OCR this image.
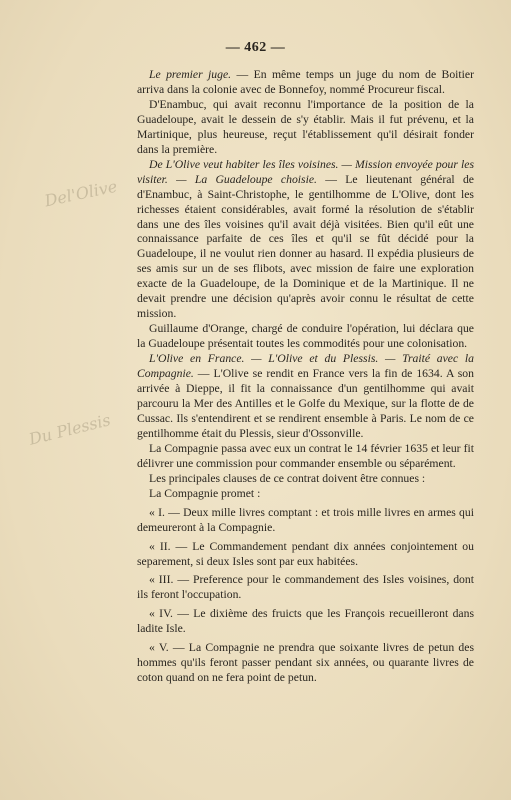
Del'Olive
Du Plessis
— 462 —

Le premier juge. — En même temps un juge du nom de Boitier arriva dans la colonie avec de Bonnefoy, nommé Procureur fiscal.

D'Enambuc, qui avait reconnu l'importance de la position de la Guadeloupe, avait le dessein de s'y établir. Mais il fut prévenu, et la Martinique, plus heureuse, reçut l'établissement qu'il désirait fonder dans la première.

De L'Olive veut habiter les îles voisines. — Mission envoyée pour les visiter. — La Guadeloupe choisie. — Le lieutenant général de d'Enambuc, à Saint-Christophe, le gentilhomme de L'Olive, dont les richesses étaient considérables, avait formé la résolution de s'établir dans une des îles voisines qu'il avait déjà visitées. Bien qu'il eût une connaissance parfaite de ces îles et qu'il se fût décidé pour la Guadeloupe, il ne voulut rien donner au hasard. Il expédia plusieurs de ses amis sur un de ses flibots, avec mission de faire une exploration exacte de la Guadeloupe, de la Dominique et de la Martinique. Il ne devait prendre une décision qu'après avoir connu le résultat de cette mission.

Guillaume d'Orange, chargé de conduire l'opération, lui déclara que la Guadeloupe présentait toutes les commodités pour une colonisation.

L'Olive en France. — L'Olive et du Plessis. — Traité avec la Compagnie. — L'Olive se rendit en France vers la fin de 1634. A son arrivée à Dieppe, il fit la connaissance d'un gentilhomme qui avait parcouru la Mer des Antilles et le Golfe du Mexique, sur la flotte de de Cussac. Ils s'entendirent et se rendirent ensemble à Paris. Le nom de ce gentilhomme était du Plessis, sieur d'Ossonville.

La Compagnie passa avec eux un contrat le 14 février 1635 et leur fit délivrer une commission pour commander ensemble ou séparément.

Les principales clauses de ce contrat doivent être connues :

La Compagnie promet :

« I. — Deux mille livres comptant : et trois mille livres en armes qui demeureront à la Compagnie.

« II. — Le Commandement pendant dix années conjointement ou separement, si deux Isles sont par eux habitées.

« III. — Preference pour le commandement des Isles voisines, dont ils feront l'occupation.

« IV. — Le dixième des fruicts que les François recueilleront dans ladite Isle.

« V. — La Compagnie ne prendra que soixante livres de petun des hommes qu'ils feront passer pendant six années, ou quarante livres de coton quand on ne fera point de petun.
